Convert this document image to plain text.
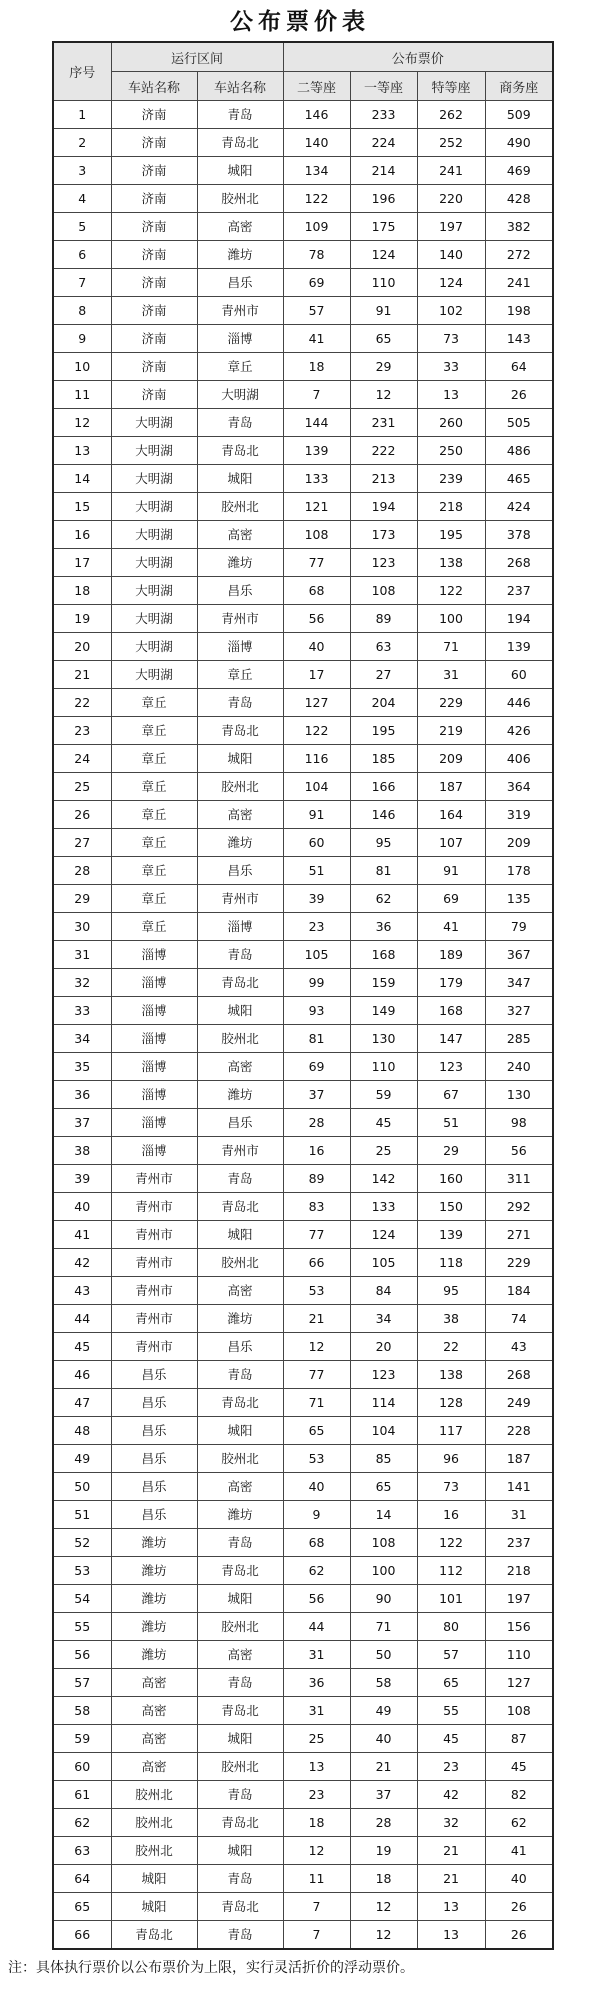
公布票价表
序号	运行区间		公布票价			
	车站名称	车站名称	二等座	一等座	特等座	商务座
1	济南	青岛	146	233	262	509
2	济南	青岛北	140	224	252	490
3	济南	城阳	134	214	241	469
4	济南	胶州北	122	196	220	428
5	济南	高密	109	175	197	382
6	济南	潍坊	78	124	140	272
7	济南	昌乐	69	110	124	241
8	济南	青州市	57	91	102	198
9	济南	淄博	41	65	73	143
10	济南	章丘	18	29	33	64
11	济南	大明湖	7	12	13	26
12	大明湖	青岛	144	231	260	505
13	大明湖	青岛北	139	222	250	486
14	大明湖	城阳	133	213	239	465
15	大明湖	胶州北	121	194	218	424
16	大明湖	高密	108	173	195	378
17	大明湖	潍坊	77	123	138	268
18	大明湖	昌乐	68	108	122	237
19	大明湖	青州市	56	89	100	194
20	大明湖	淄博	40	63	71	139
21	大明湖	章丘	17	27	31	60
22	章丘	青岛	127	204	229	446
23	章丘	青岛北	122	195	219	426
24	章丘	城阳	116	185	209	406
25	章丘	胶州北	104	166	187	364
26	章丘	高密	91	146	164	319
27	章丘	潍坊	60	95	107	209
28	章丘	昌乐	51	81	91	178
29	章丘	青州市	39	62	69	135
30	章丘	淄博	23	36	41	79
31	淄博	青岛	105	168	189	367
32	淄博	青岛北	99	159	179	347
33	淄博	城阳	93	149	168	327
34	淄博	胶州北	81	130	147	285
35	淄博	高密	69	110	123	240
36	淄博	潍坊	37	59	67	130
37	淄博	昌乐	28	45	51	98
38	淄博	青州市	16	25	29	56
39	青州市	青岛	89	142	160	311
40	青州市	青岛北	83	133	150	292
41	青州市	城阳	77	124	139	271
42	青州市	胶州北	66	105	118	229
43	青州市	高密	53	84	95	184
44	青州市	潍坊	21	34	38	74
45	青州市	昌乐	12	20	22	43
46	昌乐	青岛	77	123	138	268
47	昌乐	青岛北	71	114	128	249
48	昌乐	城阳	65	104	117	228
49	昌乐	胶州北	53	85	96	187
50	昌乐	高密	40	65	73	141
51	昌乐	潍坊	9	14	16	31
52	潍坊	青岛	68	108	122	237
53	潍坊	青岛北	62	100	112	218
54	潍坊	城阳	56	90	101	197
55	潍坊	胶州北	44	71	80	156
56	潍坊	高密	31	50	57	110
57	高密	青岛	36	58	65	127
58	高密	青岛北	31	49	55	108
59	高密	城阳	25	40	45	87
60	高密	胶州北	13	21	23	45
61	胶州北	青岛	23	37	42	82
62	胶州北	青岛北	18	28	32	62
63	胶州北	城阳	12	19	21	41
64	城阳	青岛	11	18	21	40
65	城阳	青岛北	7	12	13	26
66	青岛北	青岛	7	12	13	26
注：具体执行票价以公布票价为上限，实行灵活折价的浮动票价。
